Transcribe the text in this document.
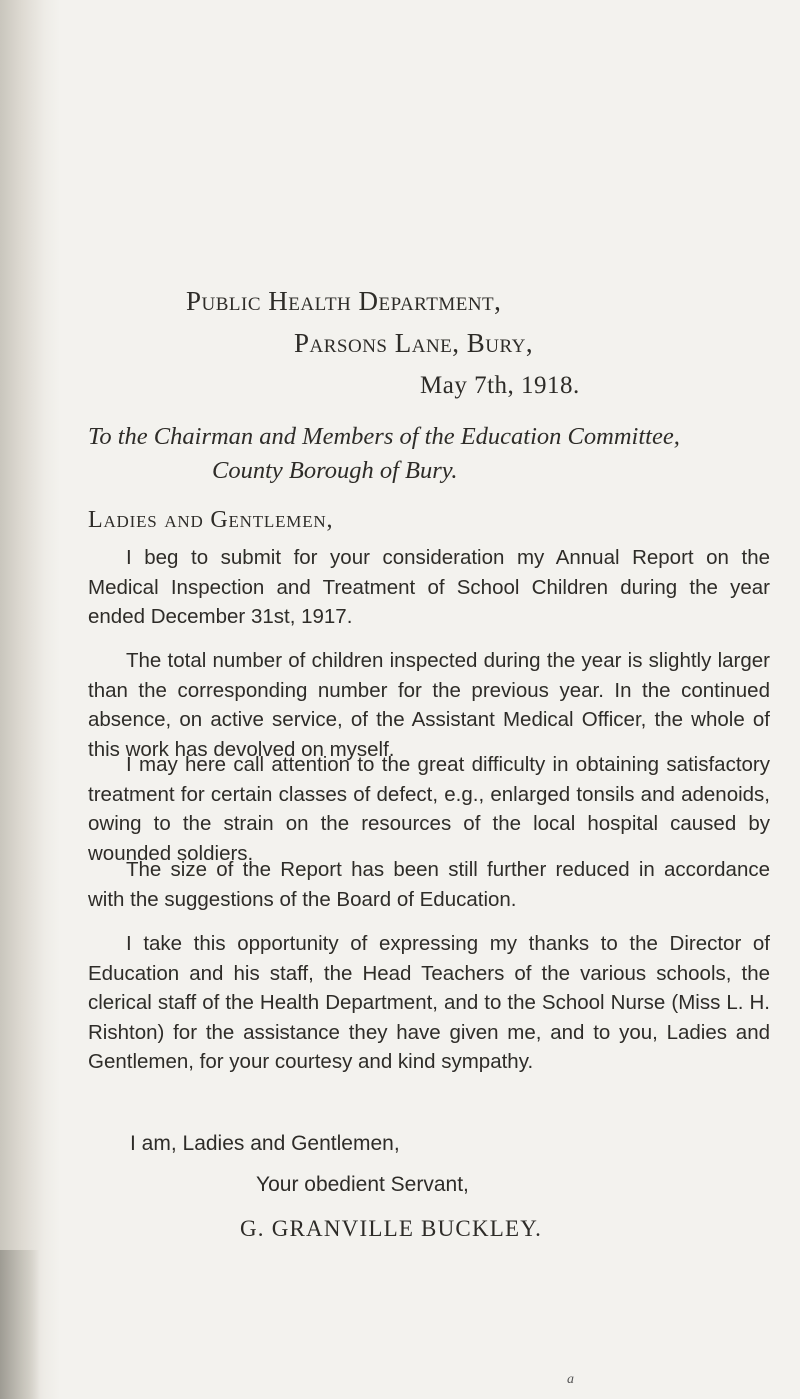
Public Health Department,
Parsons Lane, Bury,
May 7th, 1918.
To the Chairman and Members of the Education Committee,
County Borough of Bury.
Ladies and Gentlemen,

I beg to submit for your consideration my Annual Report on the Medical Inspection and Treatment of School Children during the year ended December 31st, 1917.

The total number of children inspected during the year is slightly larger than the corresponding number for the previous year. In the continued absence, on active service, of the Assistant Medical Officer, the whole of this work has devolved on myself.

I may here call attention to the great difficulty in obtaining satisfactory treatment for certain classes of defect, e.g., enlarged tonsils and adenoids, owing to the strain on the resources of the local hospital caused by wounded soldiers.

The size of the Report has been still further reduced in accordance with the suggestions of the Board of Education.

I take this opportunity of expressing my thanks to the Director of Education and his staff, the Head Teachers of the various schools, the clerical staff of the Health Department, and to the School Nurse (Miss L. H. Rishton) for the assistance they have given me, and to you, Ladies and Gentlemen, for your courtesy and kind sympathy.

I am, Ladies and Gentlemen,
Your obedient Servant,
G. GRANVILLE BUCKLEY.
a
